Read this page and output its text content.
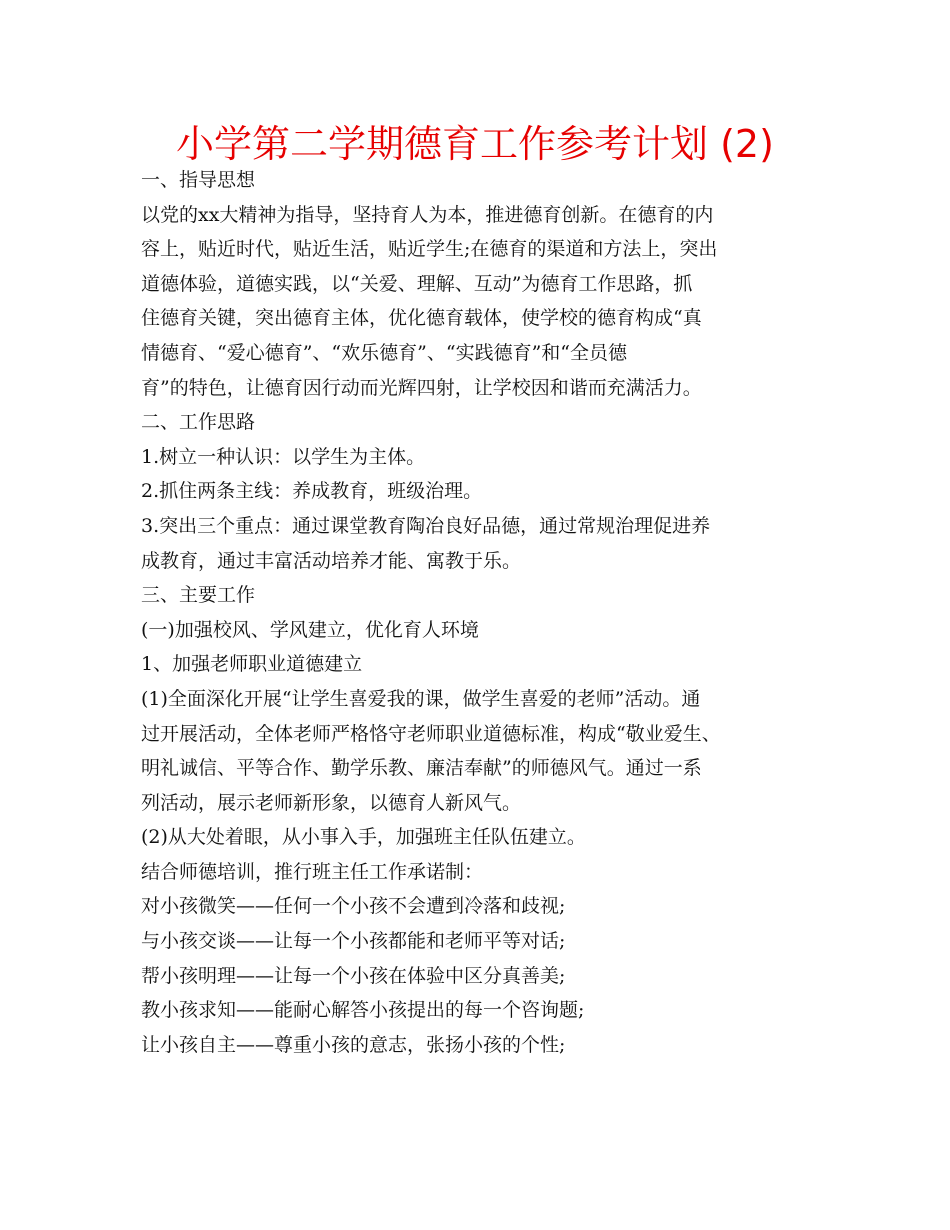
小学第二学期德育工作参考计划 (2)
一、指导思想
以党的xx大精神为指导，坚持育人为本，推进德育创新。在德育的内
容上，贴近时代，贴近生活，贴近学生;在德育的渠道和方法上，突出
道德体验，道德实践，以“关爱、理解、互动”为德育工作思路，抓
住德育关键，突出德育主体，优化德育载体，使学校的德育构成“真
情德育、“爱心德育”、“欢乐德育”、“实践德育”和“全员德
育”的特色，让德育因行动而光辉四射，让学校因和谐而充满活力。
二、工作思路
1.树立一种认识：以学生为主体。
2.抓住两条主线：养成教育，班级治理。
3.突出三个重点：通过课堂教育陶冶良好品德，通过常规治理促进养
成教育，通过丰富活动培养才能、寓教于乐。
三、主要工作
(一)加强校风、学风建立，优化育人环境
1、加强老师职业道德建立
(1)全面深化开展“让学生喜爱我的课，做学生喜爱的老师”活动。通
过开展活动，全体老师严格恪守老师职业道德标准，构成“敬业爱生、
明礼诚信、平等合作、勤学乐教、廉洁奉献”的师德风气。通过一系
列活动，展示老师新形象，以德育人新风气。
(2)从大处着眼，从小事入手，加强班主任队伍建立。
结合师德培训，推行班主任工作承诺制：
对小孩微笑——任何一个小孩不会遭到冷落和歧视;
与小孩交谈——让每一个小孩都能和老师平等对话;
帮小孩明理——让每一个小孩在体验中区分真善美;
教小孩求知——能耐心解答小孩提出的每一个咨询题;
让小孩自主——尊重小孩的意志，张扬小孩的个性;
